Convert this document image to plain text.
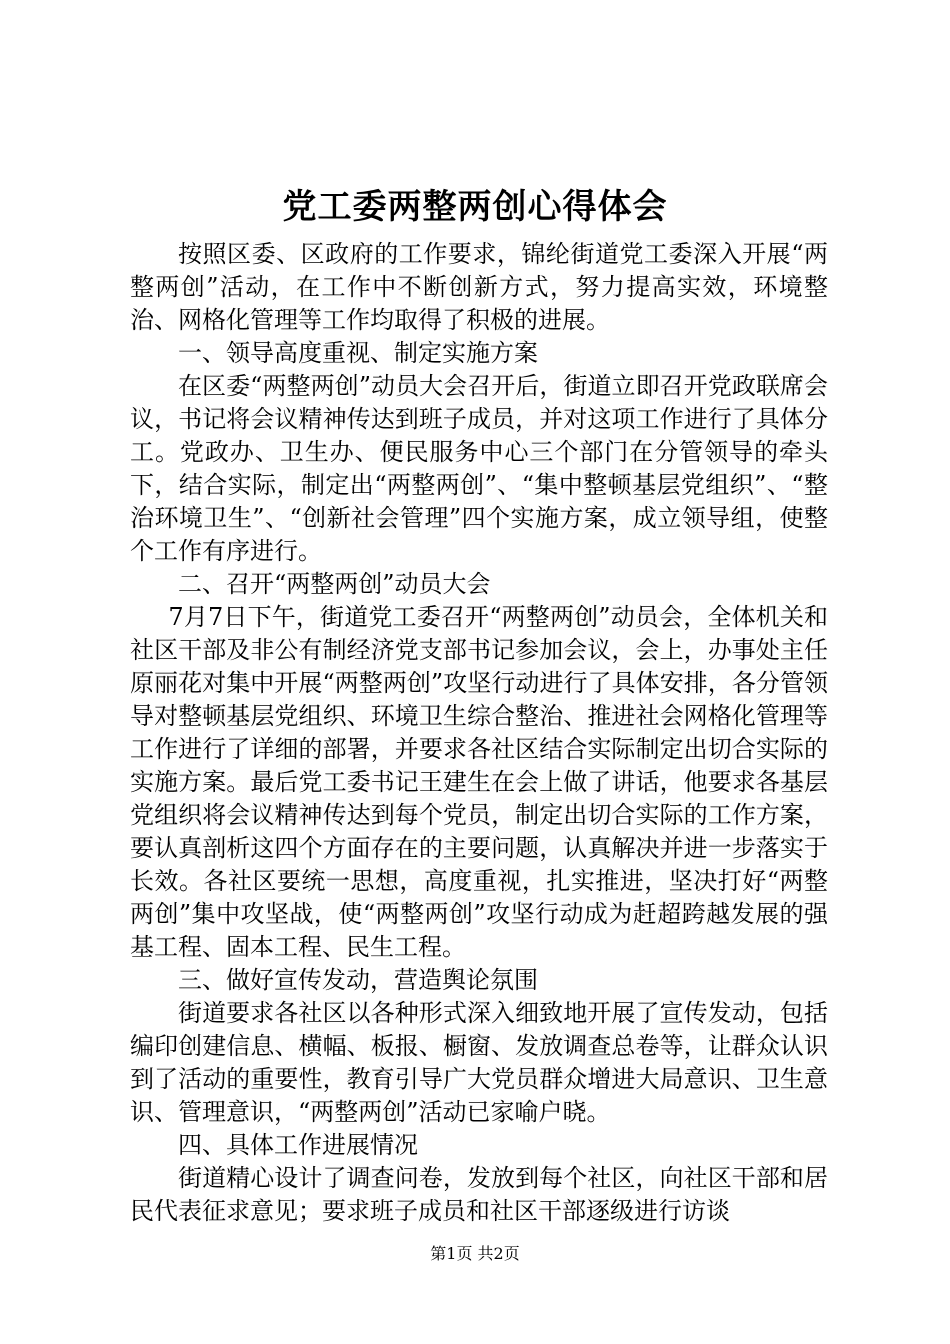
党工委两整两创心得体会

按照区委、区政府的工作要求，锦纶街道党工委深入开展“两整两创”活动，在工作中不断创新方式，努力提高实效，环境整治、网格化管理等工作均取得了积极的进展。

一、领导高度重视、制定实施方案

在区委“两整两创”动员大会召开后，街道立即召开党政联席会议，书记将会议精神传达到班子成员，并对这项工作进行了具体分工。党政办、卫生办、便民服务中心三个部门在分管领导的牵头下，结合实际，制定出“两整两创”、“集中整顿基层党组织”、“整治环境卫生”、“创新社会管理”四个实施方案，成立领导组，使整个工作有序进行。

二、召开“两整两创”动员大会

7月7日下午，街道党工委召开“两整两创”动员会，全体机关和社区干部及非公有制经济党支部书记参加会议，会上，办事处主任原丽花对集中开展“两整两创”攻坚行动进行了具体安排，各分管领导对整顿基层党组织、环境卫生综合整治、推进社会网格化管理等工作进行了详细的部署，并要求各社区结合实际制定出切合实际的实施方案。最后党工委书记王建生在会上做了讲话，他要求各基层党组织将会议精神传达到每个党员，制定出切合实际的工作方案，要认真剖析这四个方面存在的主要问题，认真解决并进一步落实于长效。各社区要统一思想，高度重视，扎实推进，坚决打好“两整两创”集中攻坚战，使“两整两创”攻坚行动成为赶超跨越发展的强基工程、固本工程、民生工程。

三、做好宣传发动，营造舆论氛围

街道要求各社区以各种形式深入细致地开展了宣传发动，包括编印创建信息、横幅、板报、橱窗、发放调查总卷等，让群众认识到了活动的重要性，教育引导广大党员群众增进大局意识、卫生意识、管理意识，“两整两创”活动已家喻户晓。

四、具体工作进展情况

街道精心设计了调查问卷，发放到每个社区，向社区干部和居民代表征求意见；要求班子成员和社区干部逐级进行访谈

第1页 共2页
